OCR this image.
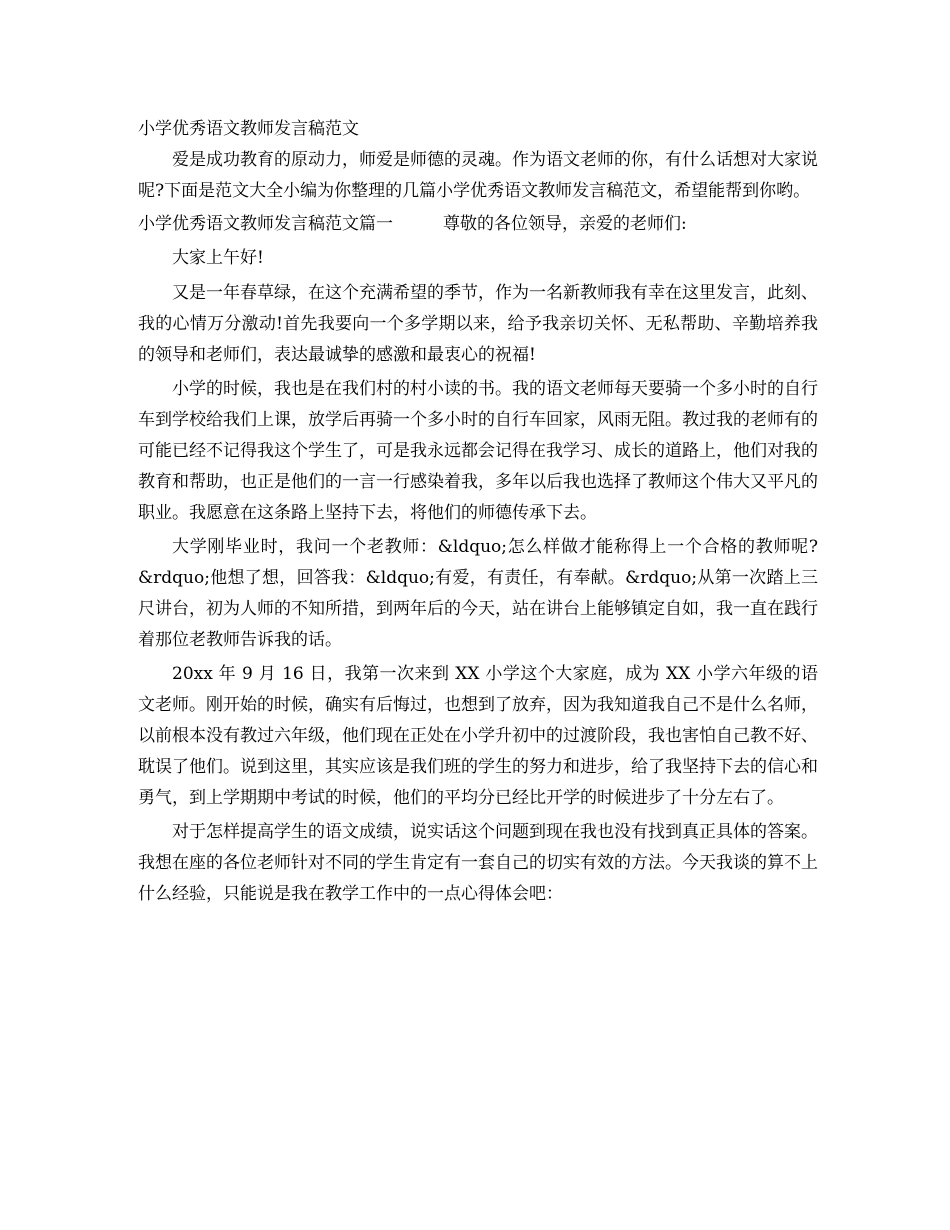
小学优秀语文教师发言稿范文

爱是成功教育的原动力，师爱是师德的灵魂。作为语文老师的你，有什么话想对大家说呢?下面是范文大全小编为你整理的几篇小学优秀语文教师发言稿范文，希望能帮到你哟。

小学优秀语文教师发言稿范文篇一	尊敬的各位领导，亲爱的老师们:

大家上午好!

又是一年春草绿，在这个充满希望的季节，作为一名新教师我有幸在这里发言，此刻、我的心情万分激动!首先我要向一个多学期以来，给予我亲切关怀、无私帮助、辛勤培养我的领导和老师们，表达最诚挚的感激和最衷心的祝福!

小学的时候，我也是在我们村的村小读的书。我的语文老师每天要骑一个多小时的自行车到学校给我们上课，放学后再骑一个多小时的自行车回家，风雨无阻。教过我的老师有的可能已经不记得我这个学生了，可是我永远都会记得在我学习、成长的道路上，他们对我的教育和帮助，也正是他们的一言一行感染着我，多年以后我也选择了教师这个伟大又平凡的职业。我愿意在这条路上坚持下去，将他们的师德传承下去。

大学刚毕业时，我问一个老教师：&ldquo;怎么样做才能称得上一个合格的教师呢?&rdquo;他想了想，回答我：&ldquo;有爱，有责任，有奉献。&rdquo;从第一次踏上三尺讲台，初为人师的不知所措，到两年后的今天，站在讲台上能够镇定自如，我一直在践行着那位老教师告诉我的话。

20xx 年 9 月 16 日，我第一次来到 XX 小学这个大家庭，成为 XX 小学六年级的语文老师。刚开始的时候，确实有后悔过，也想到了放弃，因为我知道我自己不是什么名师，以前根本没有教过六年级，他们现在正处在小学升初中的过渡阶段，我也害怕自己教不好、耽误了他们。说到这里，其实应该是我们班的学生的努力和进步，给了我坚持下去的信心和勇气，到上学期期中考试的时候，他们的平均分已经比开学的时候进步了十分左右了。

对于怎样提高学生的语文成绩，说实话这个问题到现在我也没有找到真正具体的答案。我想在座的各位老师针对不同的学生肯定有一套自己的切实有效的方法。今天我谈的算不上什么经验，只能说是我在教学工作中的一点心得体会吧：
